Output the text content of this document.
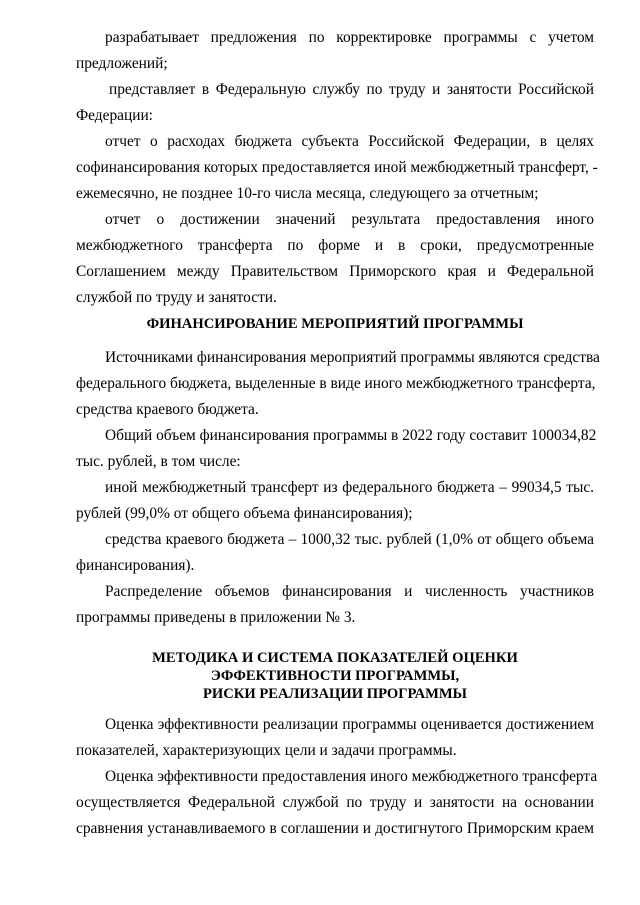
разрабатывает предложения по корректировке программы с учетом
предложений;
представляет в Федеральную службу по труду и занятости Российской
Федерации:
отчет о расходах бюджета субъекта Российской Федерации, в целях
софинансирования которых предоставляется иной межбюджетный трансферт, -
ежемесячно, не позднее 10-го числа месяца, следующего за отчетным;
отчет о достижении значений результата предоставления иного
межбюджетного трансферта по форме и в сроки, предусмотренные
Соглашением между Правительством Приморского края и Федеральной
службой по труду и занятости.
ФИНАНСИРОВАНИЕ МЕРОПРИЯТИЙ ПРОГРАММЫ
Источниками финансирования мероприятий программы являются средства
федерального бюджета, выделенные в виде иного межбюджетного трансферта,
средства краевого бюджета.
Общий объем финансирования программы в 2022 году составит 100034,82
тыс. рублей, в том числе:
иной межбюджетный трансферт из федерального бюджета – 99034,5 тыс.
рублей (99,0% от общего объема финансирования);
средства краевого бюджета – 1000,32 тыс. рублей (1,0% от общего объема
финансирования).
Распределение объемов финансирования и численность участников
программы приведены в приложении № 3.
МЕТОДИКА И СИСТЕМА ПОКАЗАТЕЛЕЙ ОЦЕНКИ
ЭФФЕКТИВНОСТИ ПРОГРАММЫ,
РИСКИ РЕАЛИЗАЦИИ ПРОГРАММЫ
Оценка эффективности реализации программы оценивается достижением
показателей, характеризующих цели и задачи программы.
Оценка эффективности предоставления иного межбюджетного трансферта
осуществляется Федеральной службой по труду и занятости на основании
сравнения устанавливаемого в соглашении и достигнутого Приморским краем
